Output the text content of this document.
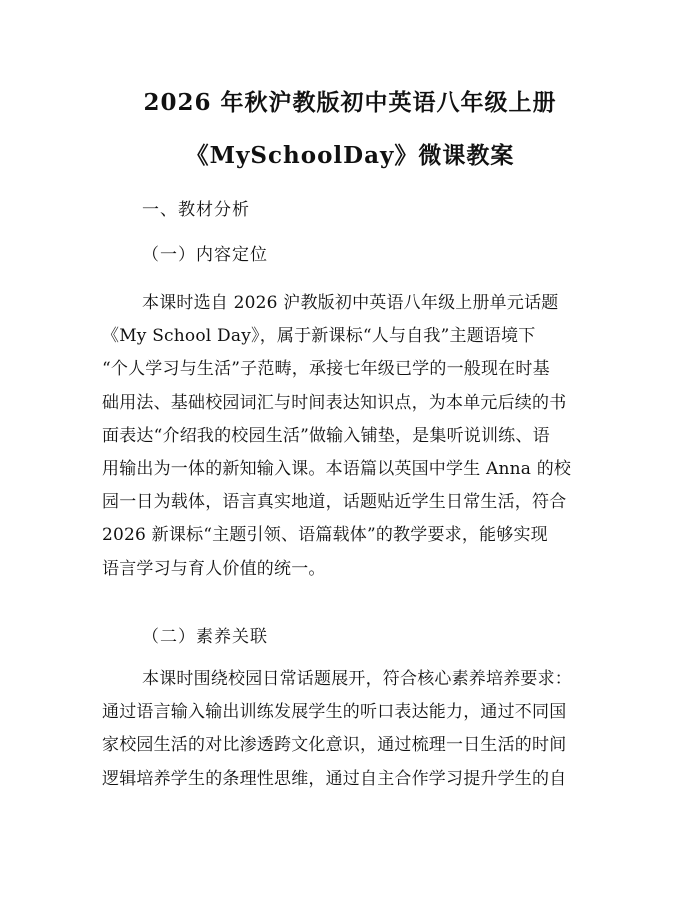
2026 年秋沪教版初中英语八年级上册
《MySchoolDay》微课教案
一、教材分析
（一）内容定位
本课时选自 2026 沪教版初中英语八年级上册单元话题
《My School Day》，属于新课标“人与自我”主题语境下
“个人学习与生活”子范畴，承接七年级已学的一般现在时基
础用法、基础校园词汇与时间表达知识点，为本单元后续的书
面表达“介绍我的校园生活”做输入铺垫，是集听说训练、语
用输出为一体的新知输入课。本语篇以英国中学生 Anna 的校
园一日为载体，语言真实地道，话题贴近学生日常生活，符合
2026 新课标“主题引领、语篇载体”的教学要求，能够实现
语言学习与育人价值的统一。
（二）素养关联
本课时围绕校园日常话题展开，符合核心素养培养要求：
通过语言输入输出训练发展学生的听口表达能力，通过不同国
家校园生活的对比渗透跨文化意识，通过梳理一日生活的时间
逻辑培养学生的条理性思维，通过自主合作学习提升学生的自
